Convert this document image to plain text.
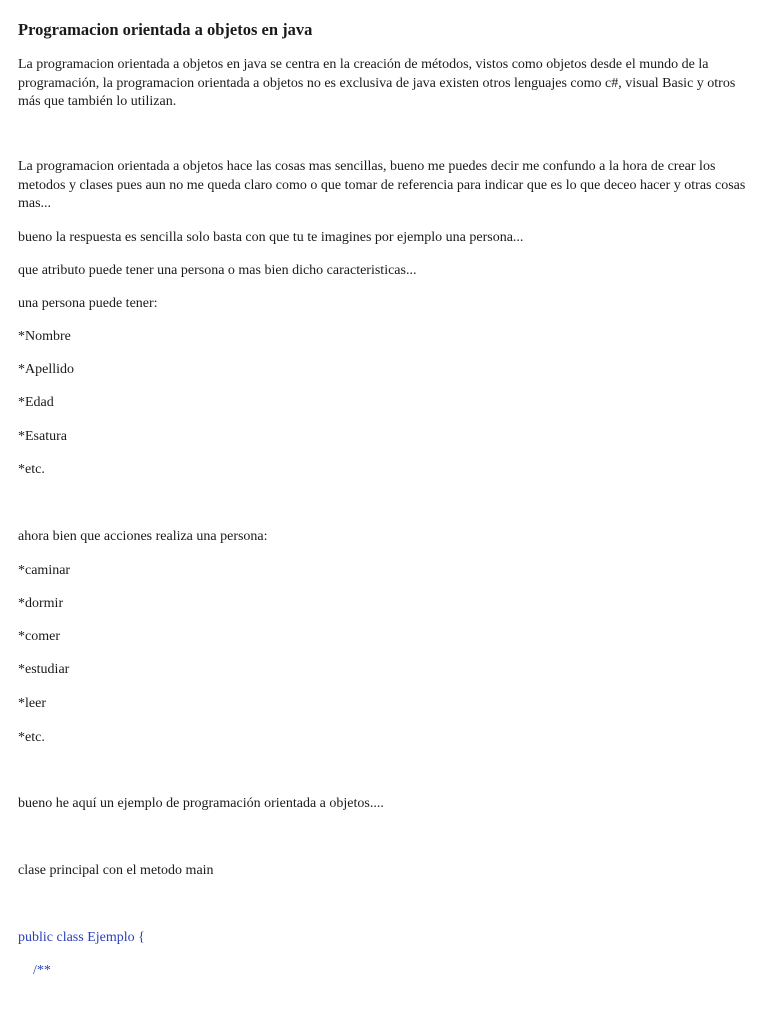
Programacion orientada a objetos en java
La programacion orientada a objetos en java se centra en la creación de métodos, vistos como objetos desde el mundo de la programación, la programacion orientada a objetos no es exclusiva de java existen otros lenguajes como c#, visual Basic y otros más que también lo utilizan.
La programacion orientada a objetos hace las cosas mas sencillas, bueno me puedes decir me confundo a la hora de crear los metodos y clases pues aun no me queda claro como o que tomar de referencia para indicar que es lo que deceo hacer y otras cosas mas...
bueno la respuesta es sencilla solo basta con que tu te imagines por ejemplo una persona...
que atributo puede tener una persona o mas bien dicho caracteristicas...
una persona puede tener:
*Nombre
*Apellido
*Edad
*Esatura
*etc.
ahora bien que acciones realiza una persona:
*caminar
*dormir
*comer
*estudiar
*leer
*etc.
bueno he aquí un ejemplo de programación orientada a objetos....
clase principal con el metodo main
public class Ejemplo {
/**
